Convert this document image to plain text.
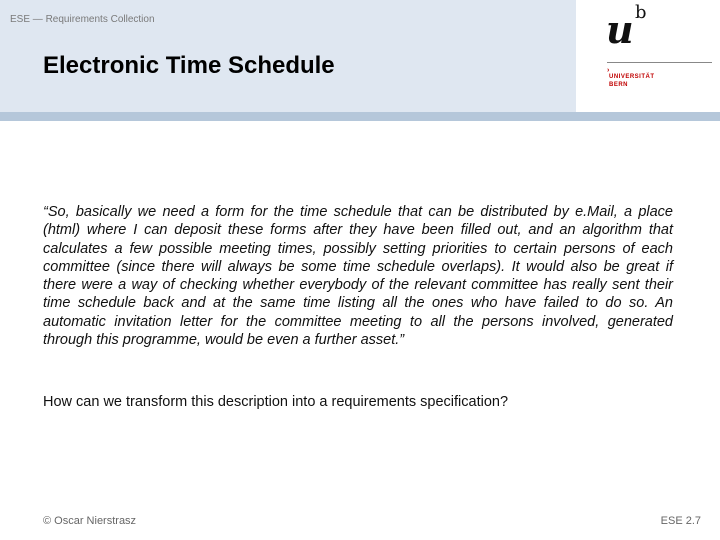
ESE — Requirements Collection
Electronic Time Schedule
u b
›
UNIVERSITÄT
BERN

“So, basically we need a form for the time schedule that can be distributed by e.Mail, a place (html) where I can deposit these forms after they have been filled out, and an algorithm that calculates a few possible meeting times, possibly setting priorities to certain persons of each committee (since there will always be some time schedule overlaps). It would also be great if there were a way of checking whether everybody of the relevant committee has really sent their time schedule back and at the same time listing all the ones who have failed to do so. An automatic invitation letter for the committee meeting to all the persons involved, generated through this programme, would be even a further asset.”

How can we transform this description into a requirements specification?

© Oscar Nierstrasz	ESE 2.7
